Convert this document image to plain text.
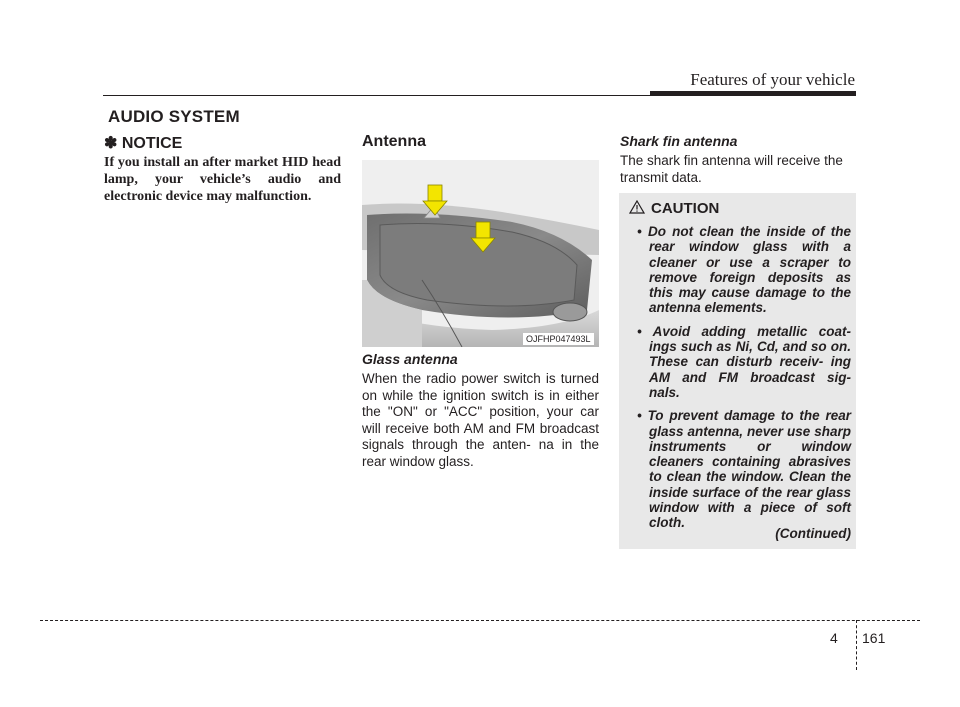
Features of your vehicle
AUDIO SYSTEM
✽ NOTICE
If you install an after market HID head lamp, your vehicle’s audio and electronic device may malfunction.
Antenna
OJFHP047493L
Glass antenna
When the radio power switch is turned on while the ignition switch is in either the "ON" or "ACC" position, your car will receive both AM and FM broadcast signals through the anten- na in the rear window glass.
Shark fin antenna
The shark fin antenna will receive the transmit data.
CAUTION
• Do not clean the inside of the rear window glass with a cleaner or use a scraper to remove foreign deposits as this may cause damage to the antenna elements.
• Avoid adding metallic coat- ings such as Ni, Cd, and so on. These can disturb receiv- ing AM and FM broadcast sig- nals.
• To prevent damage to the rear glass antenna, never use sharp instruments or window cleaners containing abrasives to clean the window. Clean the inside surface of the rear glass window with a piece of soft cloth.
(Continued)
4 161
